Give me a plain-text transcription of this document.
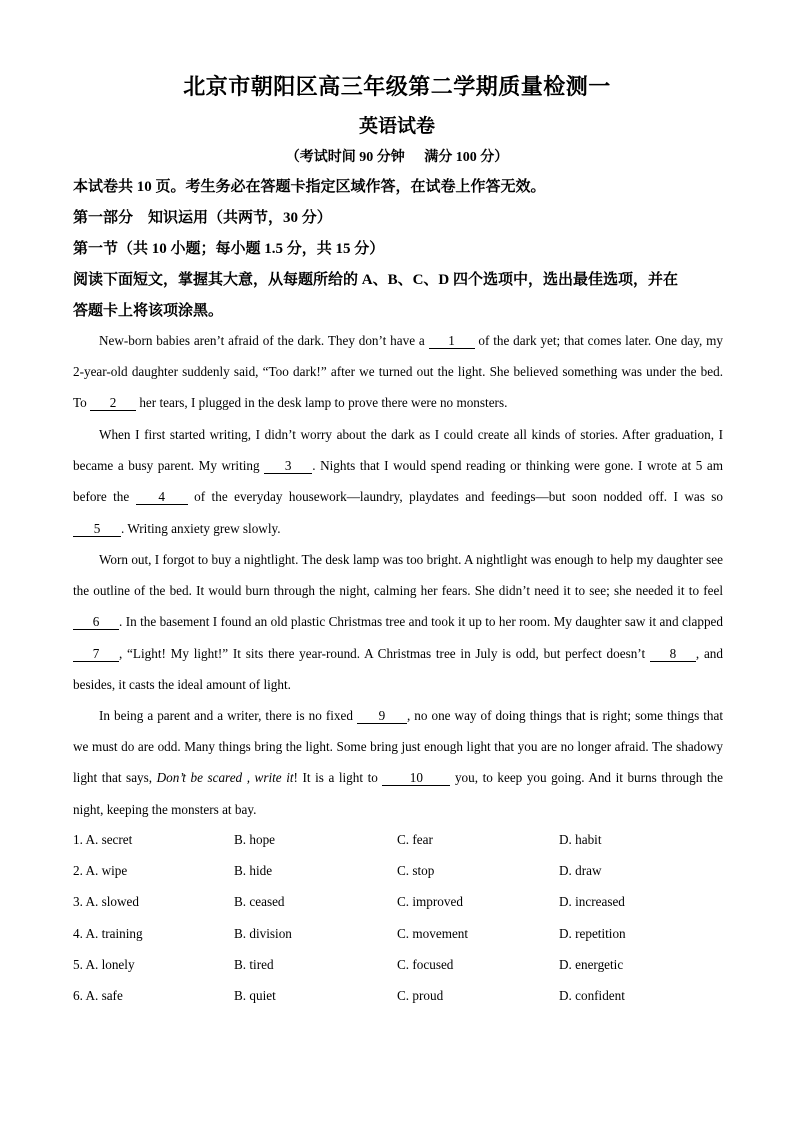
北京市朝阳区高三年级第二学期质量检测一
英语试卷
（考试时间 90 分钟 满分 100 分）
本试卷共 10 页。考生务必在答题卡指定区域作答，在试卷上作答无效。
第一部分　知识运用（共两节，30 分）
第一节（共 10 小题；每小题 1.5 分，共 15 分）
阅读下面短文，掌握其大意，从每题所给的 A、B、C、D 四个选项中，选出最佳选项，并在
答题卡上将该项涂黑。
New-born babies aren’t afraid of the dark. They don’t have a 1 of the dark yet; that comes later. One day, my 2-year-old daughter suddenly said, “Too dark!” after we turned out the light. She believed something was under the bed. To 2 her tears, I plugged in the desk lamp to prove there were no monsters.
When I first started writing, I didn’t worry about the dark as I could create all kinds of stories. After graduation, I became a busy parent. My writing 3 . Nights that I would spend reading or thinking were gone. I wrote at 5 am before the 4 of the everyday housework—laundry, playdates and feedings—but soon nodded off. I was so 5 . Writing anxiety grew slowly.
Worn out, I forgot to buy a nightlight. The desk lamp was too bright. A nightlight was enough to help my daughter see the outline of the bed. It would burn through the night, calming her fears. She didn’t need it to see; she needed it to feel 6 . In the basement I found an old plastic Christmas tree and took it up to her room. My daughter saw it and clapped 7 , “Light! My light!” It sits there year-round. A Christmas tree in July is odd, but perfect doesn’t 8 , and besides, it casts the ideal amount of light.
In being a parent and a writer, there is no fixed 9 , no one way of doing things that is right; some things that we must do are odd. Many things bring the light. Some bring just enough light that you are no longer afraid. The shadowy light that says, Don’t be scared , write it! It is a light to 10 you, to keep you going. And it burns through the night, keeping the monsters at bay.
1. A. secret	B. hope	C. fear	D. habit
2. A. wipe	B. hide	C. stop	D. draw
3. A. slowed	B. ceased	C. improved	D. increased
4. A. training	B. division	C. movement	D. repetition
5. A. lonely	B. tired	C. focused	D. energetic
6. A. safe	B. quiet	C. proud	D. confident
